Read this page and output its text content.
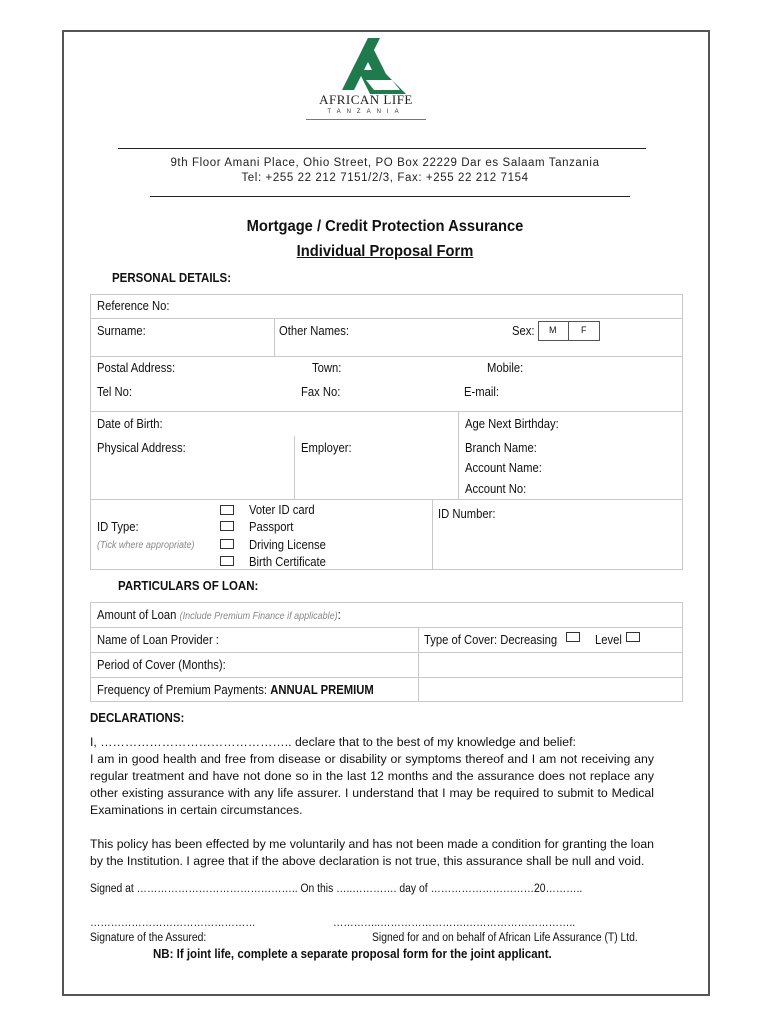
AFRICAN LIFE
TANZANIA
9th Floor Amani Place, Ohio Street, PO Box 22229 Dar es Salaam Tanzania
Tel: +255 22 212 7151/2/3, Fax: +255 22 212 7154
Mortgage / Credit Protection Assurance
Individual Proposal Form
PERSONAL DETAILS:
Reference No:
Surname:	Other Names:	Sex: M	F
Postal Address:	Town:	Mobile:
Tel No:	Fax No:	E-mail:
Date of Birth:	Age Next Birthday:
Physical Address:	Employer:	Branch Name:
Account Name:
Account No:
ID Type:
(Tick where appropriate)
Voter ID card
Passport
Driving License
Birth Certificate
ID Number:
PARTICULARS OF LOAN:
Amount of Loan (Include Premium Finance if applicable):
Name of Loan Provider :	Type of Cover: Decreasing	Level
Period of Cover (Months):
Frequency of Premium Payments: ANNUAL PREMIUM
DECLARATIONS:
I, ……………………………………….. declare that to the best of my knowledge and belief:
I am in good health and free from disease or disability or symptoms thereof and I am not receiving any regular treatment and have not done so in the last 12 months and the assurance does not replace any other existing assurance with any life assurer. I understand that I may be required to submit to Medical Examinations in certain circumstances.
This policy has been effected by me voluntarily and has not been made a condition for granting the loan by the Institution. I agree that if the above declaration is not true, this assurance shall be null and void.
Signed at ……………………………………….. On this …..…………. day of …………………………20………..
…………………………………………	…………..…………………….…………………………..
Signature of the Assured:	Signed for and on behalf of African Life Assurance (T) Ltd.
NB: If joint life, complete a separate proposal form for the joint applicant.
